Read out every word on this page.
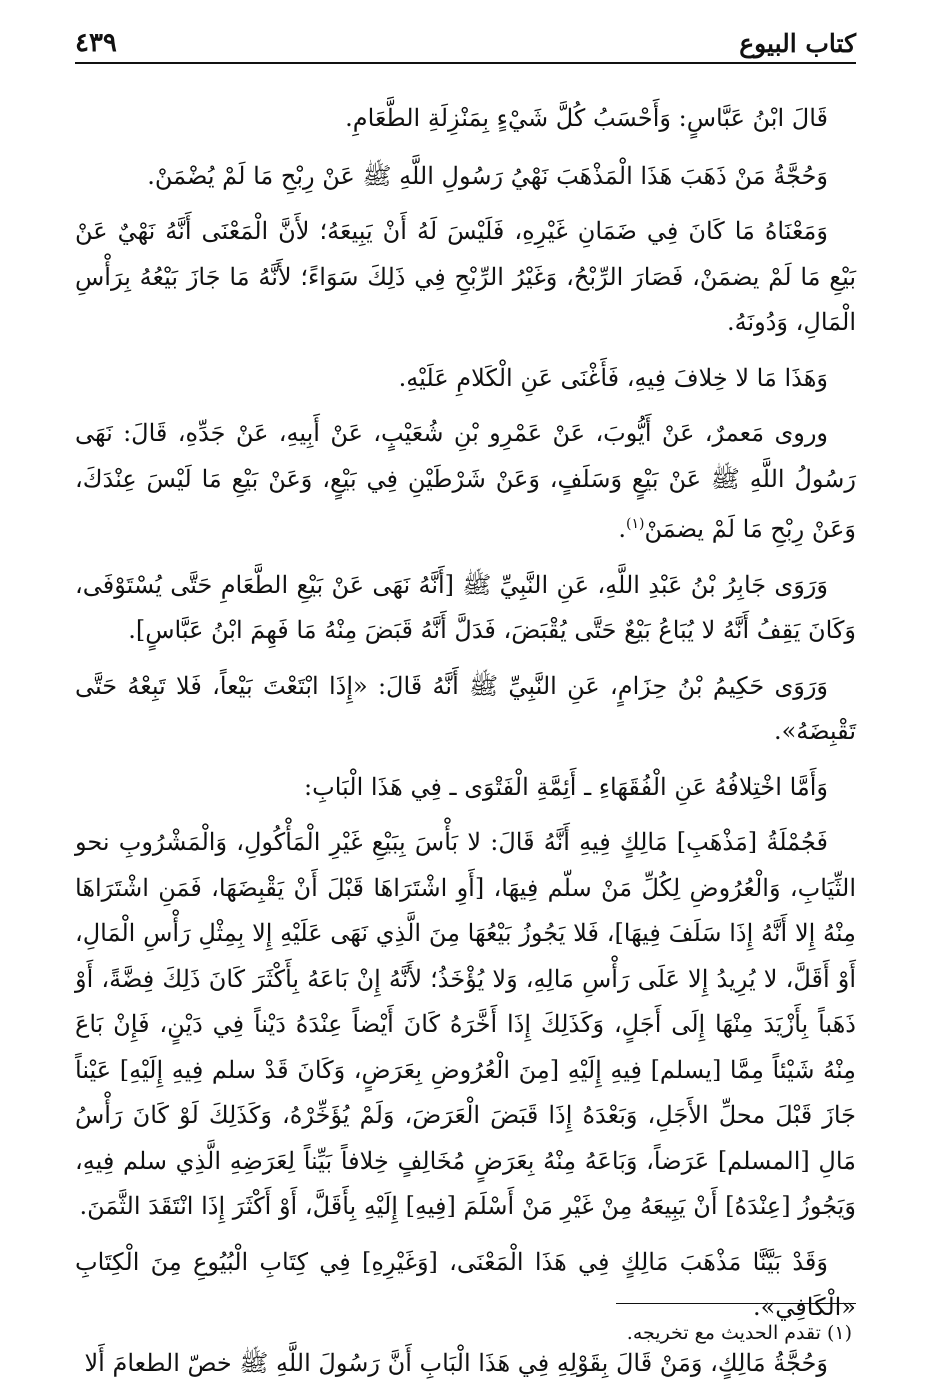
كتاب البيوع
٤٣٩

قَالَ ابْنُ عَبَّاسٍ: وَأَحْسَبُ كُلَّ شَيْءٍ بِمَنْزِلَةِ الطَّعَامِ.

وَحُجَّةُ مَنْ ذَهَبَ هَذَا الْمَذْهَبَ نَهْيُ رَسُولِ اللَّهِ ﷺ عَنْ رِبْحِ مَا لَمْ يُضْمَنْ.

وَمَعْنَاهُ مَا كَانَ فِي ضَمَانِ غَيْرِهِ، فَلَيْسَ لَهُ أَنْ يَبِيعَهُ؛ لأَنَّ الْمَعْنَى أَنَّهُ نَهْيٌ عَنْ بَيْعِ مَا لَمْ يضمَنْ، فَصَارَ الرِّبْحُ، وَغَيْرُ الرِّبْحِ فِي ذَلِكَ سَوَاءً؛ لأَنَّهُ مَا جَازَ بَيْعُهُ بِرَأْسِ الْمَالِ، وَدُونَهُ.

وَهَذَا مَا لا خِلافَ فِيهِ، فَأَغْنَى عَنِ الْكَلامِ عَلَيْهِ.

وروى مَعمرٌ، عَنْ أَيُّوبَ، عَنْ عَمْرِو بْنِ شُعَيْبٍ، عَنْ أَبِيهِ، عَنْ جَدِّهِ، قَالَ: نَهَى رَسُولُ اللَّهِ ﷺ عَنْ بَيْعٍ وَسَلَفٍ، وَعَنْ شَرْطَيْنِ فِي بَيْعٍ، وَعَنْ بَيْعِ مَا لَيْسَ عِنْدَكَ، وَعَنْ رِبْحِ مَا لَمْ يضمَنْ$^{(١)}$.

وَرَوَى جَابِرُ بْنُ عَبْدِ اللَّهِ، عَنِ النَّبِيِّ ﷺ [أَنَّهُ نَهَى عَنْ بَيْعِ الطَّعَامِ حَتَّى يُسْتَوْفَى، وَكَانَ يَقِفُ أَنَّهُ لا يُبَاعُ بَيْعٌ حَتَّى يُقْبَضَ، فَدَلَّ أَنَّهُ قَبَضَ مِنْهُ مَا فَهِمَ ابْنُ عَبَّاسٍ].

وَرَوَى حَكِيمُ بْنُ حِزَامٍ، عَنِ النَّبِيِّ ﷺ أَنَّهُ قَالَ: «إِذَا ابْتَعْتَ بَيْعاً، فَلا تَبِعْهُ حَتَّى تَقْبِضَهُ».

وَأَمَّا اخْتِلافُهُ عَنِ الْفُقَهَاءِ ـ أَئِمَّةِ الْفَتْوَى ـ فِي هَذَا الْبَابِ:

فَجُمْلَةُ [مَذْهَبِ] مَالِكٍ فِيهِ أَنَّهُ قَالَ: لا بَأْسَ بِبَيْعِ غَيْرِ الْمَأْكُولِ، وَالْمَشْرُوبِ نحو الثِّيَابِ، وَالْعُرُوضِ لِكُلِّ مَنْ سلّم فِيهَا، [أَوِ اشْتَرَاهَا قَبْلَ أَنْ يَقْبِضَهَا، فَمَنِ اشْتَرَاهَا مِنْهُ إِلا أَنَّهُ إِذَا سَلَفَ فِيهَا]، فَلا يَجُوزُ بَيْعُهَا مِنَ الَّذِي نَهَى عَلَيْهِ إِلا بِمِثْلِ رَأْسِ الْمَالِ، أَوْ أَقَلَّ، لا يُرِيدُ إِلا عَلَى رَأْسِ مَالِهِ، وَلا يُؤْخَذُ؛ لأَنَّهُ إِنْ بَاعَهُ بِأَكْثَرَ كَانَ ذَلِكَ فِضَّةً، أَوْ ذَهَباً بِأَزْيَدَ مِنْهَا إِلَى أَجَلٍ، وَكَذَلِكَ إِذَا أَخَّرَهُ كَانَ أَيْضاً عِنْدَهُ دَيْناً فِي دَيْنٍ، فَإِنْ بَاعَ مِنْهُ شَيْئاً مِمَّا [يسلم] فِيهِ إِلَيْهِ [مِنَ الْعُرُوضِ بِعَرَضٍ، وَكَانَ قَدْ سلم فِيهِ إِلَيْهِ] عَيْناً جَازَ قَبْلَ محلِّ الأَجَلِ، وَبَعْدَهُ إِذَا قَبَضَ الْعَرَضَ، وَلَمْ يُؤَخِّرْهُ، وَكَذَلِكَ لَوْ كَانَ رَأْسُ مَالِ [المسلم] عَرَضاً، وَبَاعَهُ مِنْهُ بِعَرَضٍ مُخَالِفٍ خِلافاً بَيِّناً لِعَرَضِهِ الَّذِي سلم فِيهِ، وَيَجُوزُ [عِنْدَهُ] أَنْ يَبِيعَهُ مِنْ غَيْرِ مَنْ أَسْلَمَ [فِيهِ] إِلَيْهِ بِأَقَلَّ، أَوْ أَكْثَرَ إِذَا انْتَقَدَ الثَّمَنَ.

وَقَدْ بَيَّنَّا مَذْهَبَ مَالِكٍ فِي هَذَا الْمَعْنَى، [وَغَيْرِهِ] فِي كِتَابِ الْبُيُوعِ مِنَ الْكِتَابِ «الْكَافِي».

وَحُجَّةُ مَالِكٍ، وَمَنْ قَالَ بِقَوْلِهِ فِي هَذَا الْبَابِ أَنَّ رَسُولَ اللَّهِ ﷺ خصّ الطعامَ أَلا

(١) تقدم الحديث مع تخريجه.
